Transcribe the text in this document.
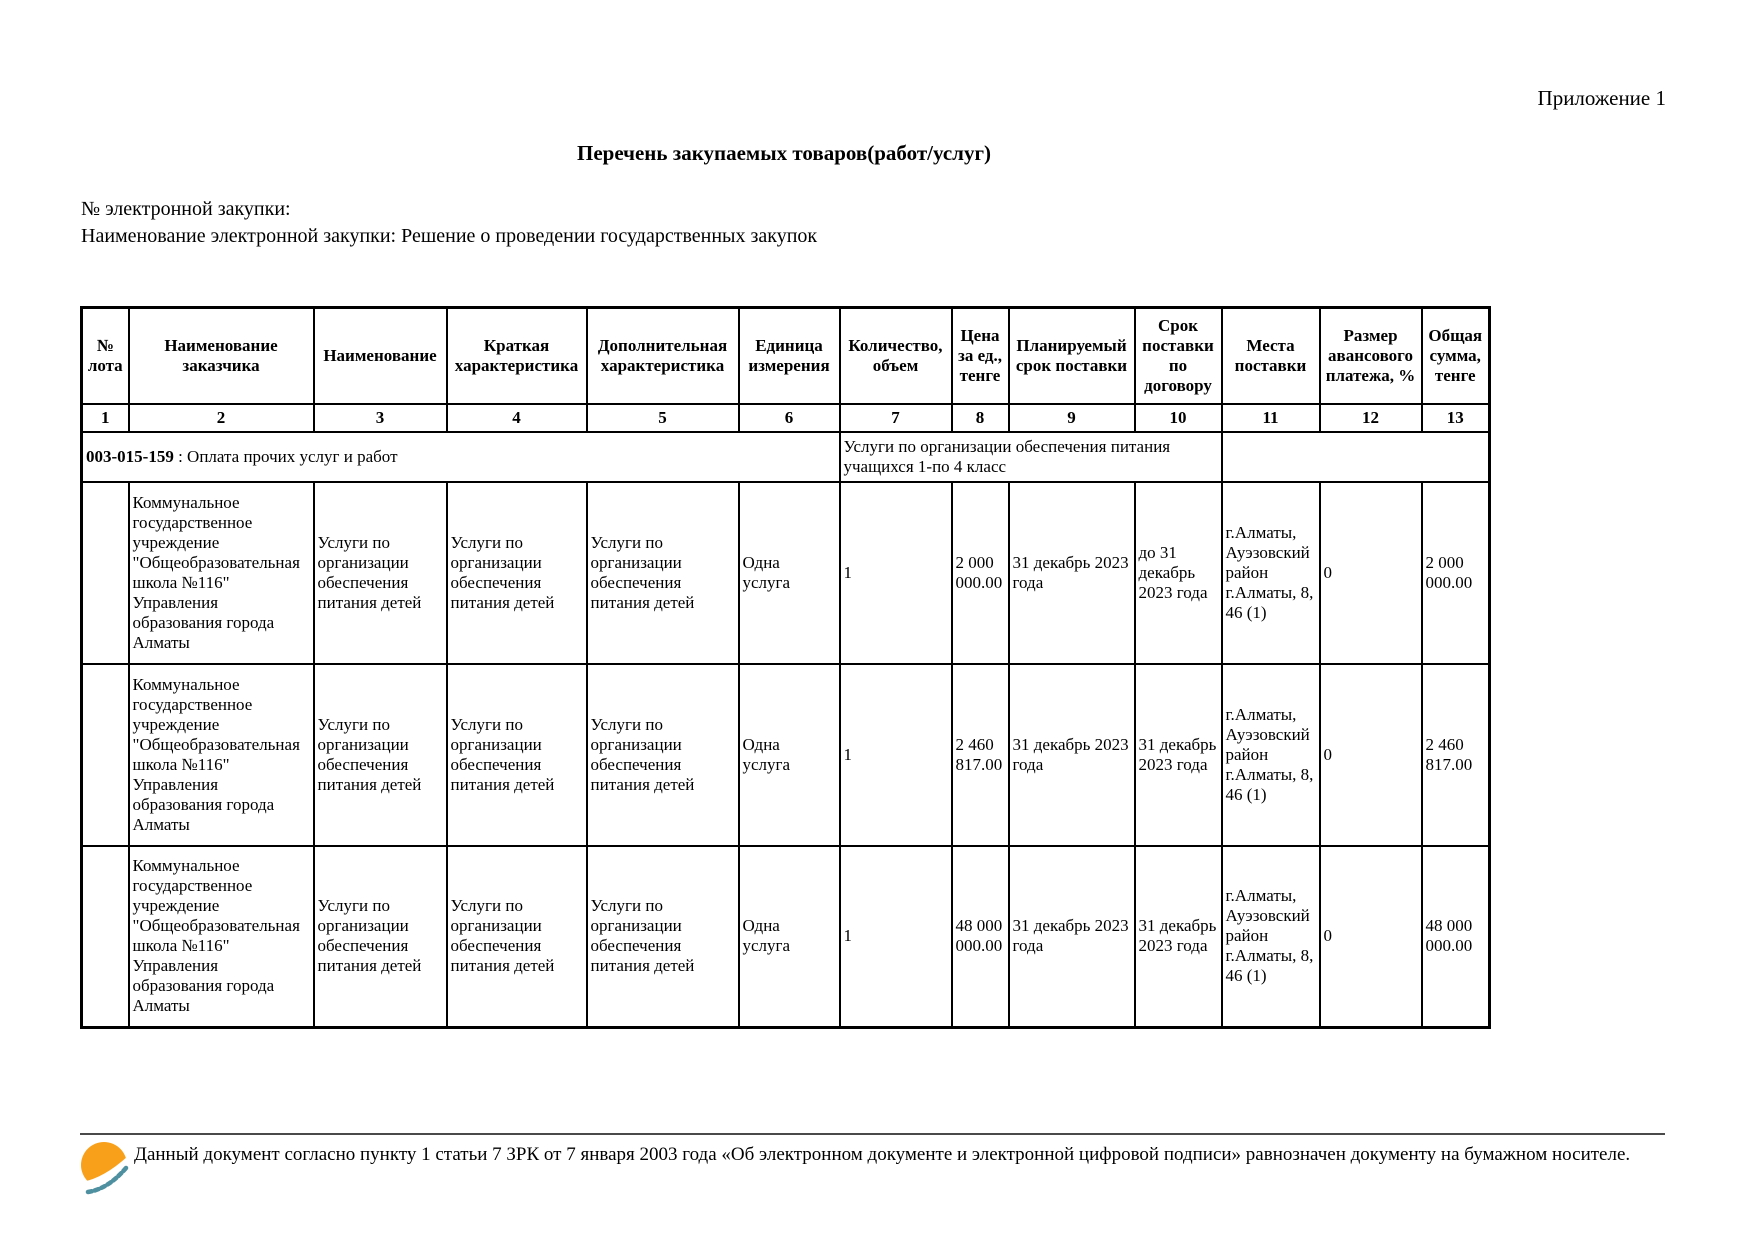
Приложение 1
Перечень закупаемых товаров(работ/услуг)
№ электронной закупки:
Наименование электронной закупки: Решение о проведении государственных закупок
№ лота	Наименование заказчика	Наименование	Краткая характеристика	Дополнительная характеристика	Единица измерения	Количество, объем	Цена за ед., тенге	Планируемый срок поставки	Срок поставки по договору	Места поставки	Размер авансового платежа, %	Общая сумма, тенге
1	2	3	4	5	6	7	8	9	10	11	12	13
003-015-159 : Оплата прочих услуг и работ						Услуги по организации обеспечения питания учащихся 1-по 4 класс						
	Коммунальное государственное учреждение "Общеобразовательная школа №116" Управления образования города Алматы	Услуги по организации обеспечения питания детей	Услуги по организации обеспечения питания детей	Услуги по организации обеспечения питания детей	Одна услуга	1	2 000 000.00	31 декабрь 2023 года	до 31 декабрь 2023 года	г.Алматы, Ауэзовский район г.Алматы, 8, 46 (1)	0	2 000 000.00
	Коммунальное государственное учреждение "Общеобразовательная школа №116" Управления образования города Алматы	Услуги по организации обеспечения питания детей	Услуги по организации обеспечения питания детей	Услуги по организации обеспечения питания детей	Одна услуга	1	2 460 817.00	31 декабрь 2023 года	31 декабрь 2023 года	г.Алматы, Ауэзовский район г.Алматы, 8, 46 (1)	0	2 460 817.00
	Коммунальное государственное учреждение "Общеобразовательная школа №116" Управления образования города Алматы	Услуги по организации обеспечения питания детей	Услуги по организации обеспечения питания детей	Услуги по организации обеспечения питания детей	Одна услуга	1	48 000 000.00	31 декабрь 2023 года	31 декабрь 2023 года	г.Алматы, Ауэзовский район г.Алматы, 8, 46 (1)	0	48 000 000.00
Данный документ согласно пункту 1 статьи 7 ЗРК от 7 января 2003 года «Об электронном документе и электронной цифровой подписи» равнозначен документу на бумажном носителе.
